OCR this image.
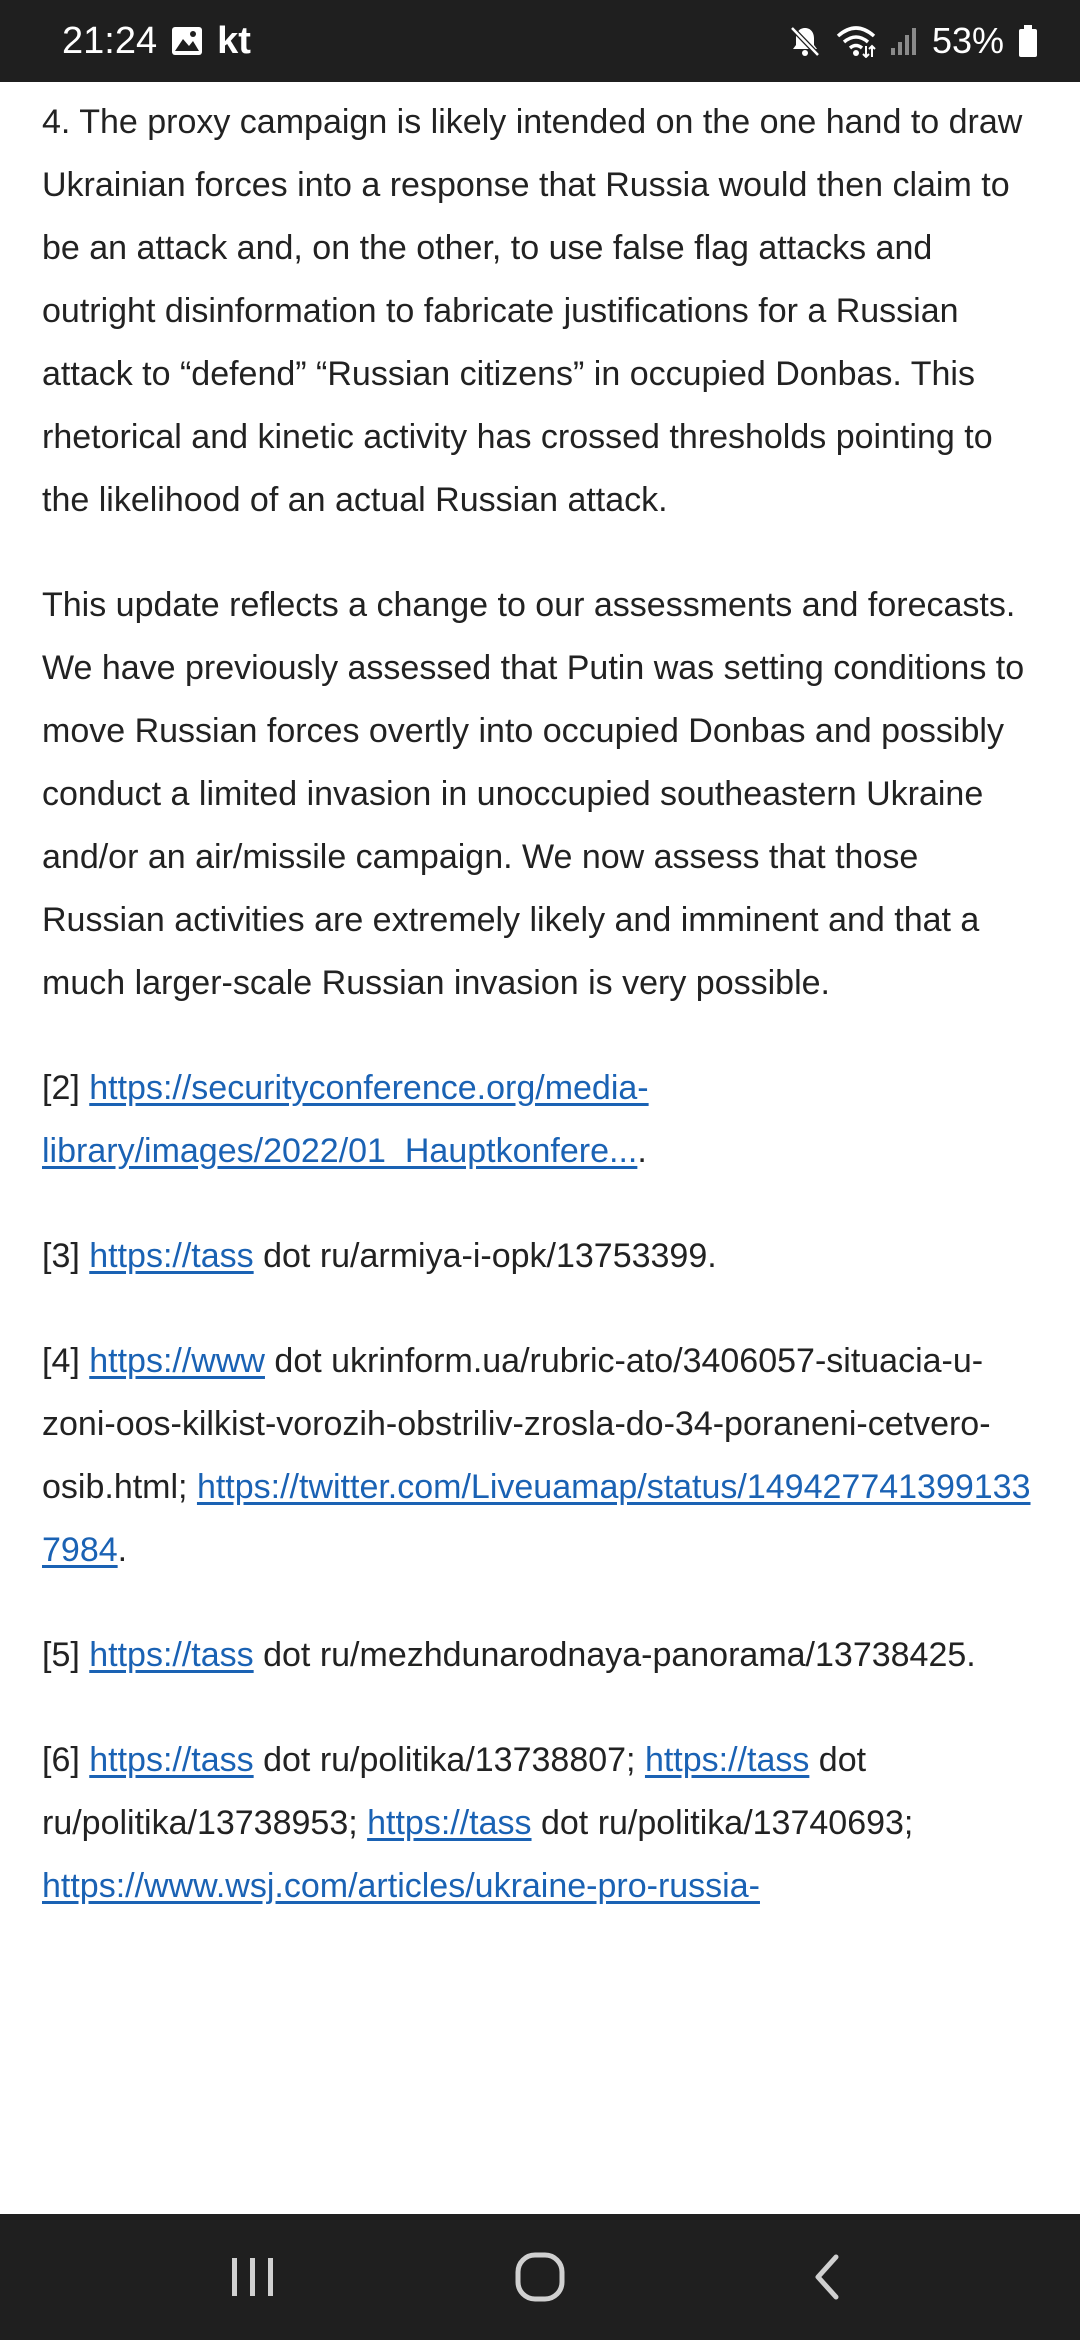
21:24 kt	53%

4. The proxy campaign is likely intended on the one hand to draw Ukrainian forces into a response that Russia would then claim to be an attack and, on the other, to use false flag attacks and outright disinformation to fabricate justifications for a Russian attack to “defend” “Russian citizens” in occupied Donbas. This rhetorical and kinetic activity has crossed thresholds pointing to the likelihood of an actual Russian attack.

This update reflects a change to our assessments and forecasts. We have previously assessed that Putin was setting conditions to move Russian forces overtly into occupied Donbas and possibly conduct a limited invasion in unoccupied southeastern Ukraine and/or an air/missile campaign. We now assess that those Russian activities are extremely likely and imminent and that a much larger-scale Russian invasion is very possible.

[2] https://securityconference.org/media-library/images/2022/01_Hauptkonfere....

[3] https://tass dot ru/armiya-i-opk/13753399.

[4] https://www dot ukrinform.ua/rubric-ato/3406057-situacia-u-zoni-oos-kilkist-vorozih-obstriliv-zrosla-do-34-poraneni-cetvero-osib.html; https://twitter.com/Liveuamap/status/1494277413991337984.

[5] https://tass dot ru/mezhdunarodnaya-panorama/13738425.

[6] https://tass dot ru/politika/13738807; https://tass dot ru/politika/13738953; https://tass dot ru/politika/13740693; https://www.wsj.com/articles/ukraine-pro-russia-
